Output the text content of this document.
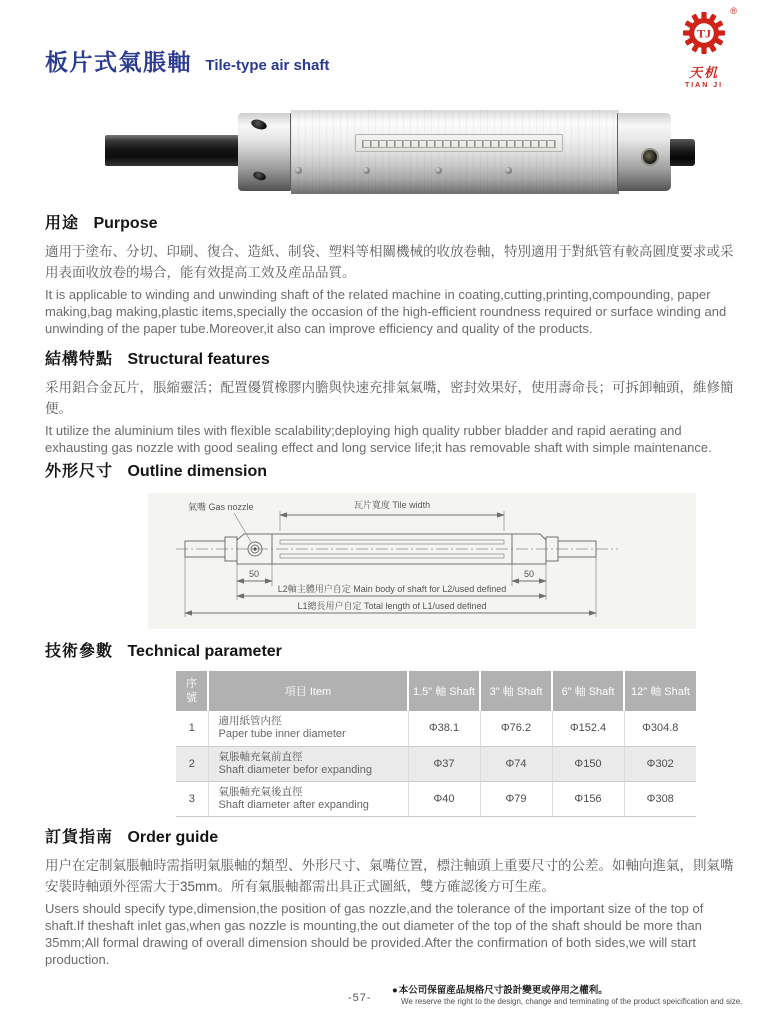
板片式氣脹軸 Tile-type air shaft
TJ
®
天机
TIAN JI
用途 Purpose
適用于塗布、分切、印刷、復合、造紙、制袋、塑料等相關機械的收放卷軸，特別適用于對紙管有較高圓度要求或采用表面收放卷的場合，能有效提高工效及産品品質。
It is applicable to winding and unwinding shaft of the related machine in coating,cutting,printing,compounding, paper making,bag making,plastic items,specially the occasion of the high-efficient roundness required or surface winding and unwinding of the paper tube.Moreover,it also can improve efficiency and quality of the products.
結構特點 Structural features
采用鋁合金瓦片，脹縮靈活；配置優質橡膠内膽與快速充排氣氣嘴，密封效果好，使用壽命長；可拆卸軸頭，維修簡便。
It utilize the aluminium tiles with flexible scalability;deploying high quality rubber bladder and rapid aerating and exhausting gas nozzle with good sealing effect and long service life;it has removable shaft with simple maintenance.
外形尺寸 Outline dimension
氣嘴 Gas nozzle	瓦片寬度 Tile width
50	50
L2軸主體用户自定 Main body of shaft for L2/used defined
L1總長用户自定 Total length of L1/used defined
技術參數 Technical parameter
序號	項目 Item	1.5" 軸 Shaft	3" 軸 Shaft	6" 軸 Shaft	12" 軸 Shaft
1	適用紙管内徑
Paper tube inner diameter	Φ38.1	Φ76.2	Φ152.4	Φ304.8
2	氣脹軸充氣前直徑
Shaft diameter befor expanding	Φ37	Φ74	Φ150	Φ302
3	氣脹軸充氣後直徑
Shaft diameter after expanding	Φ40	Φ79	Φ156	Φ308
訂貨指南 Order guide
用户在定制氣脹軸時需指明氣脹軸的類型、外形尺寸、氣嘴位置，標注軸頭上重要尺寸的公差。如軸向進氣，則氣嘴安裝時軸頭外徑需大于35mm。所有氣脹軸都需出具正式圖紙，雙方確認後方可生産。
Users should specify type,dimension,the position of gas nozzle,and the tolerance of the important size of the top of shaft.If theshaft inlet gas,when gas nozzle is mounting,the out diameter of the top of the shaft should be more than 35mm;All formal drawing of overall dimension should be provided.After the confirmation of both sides,we will start production.
-57-
●本公司保留産品規格尺寸設計變更或停用之權利。
We reserve the right to the design, change and terminating of the product speicification and size.
